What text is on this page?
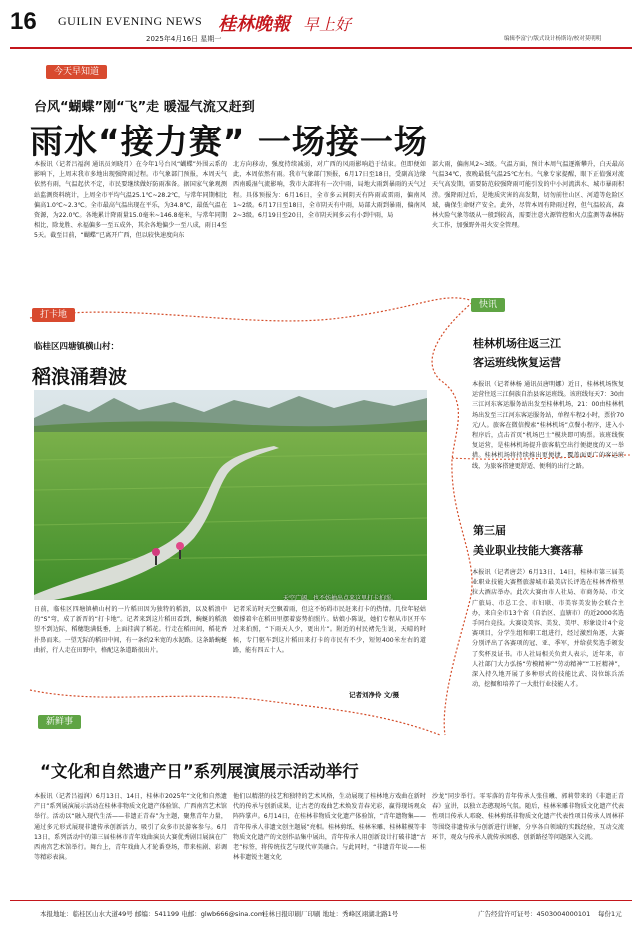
16 GUILIN EVENING NEWS
2025年4月16日 星期一
桂林晚報 早上好
编辑李富宁/版式设计杨斯诗/校对莫明明
今天早知道
台风“蝴蝶”刚“飞”走 暖湿气流又赶到
雨水“接力赛” 一场接一场
本报讯（记者吕福润 通讯员刘晓月）在今年1号台风“蝴蝶”外围云系的影响下，上周末我市多地出现强降雨过程。市气象部门预报，本周天气依然有雨，气温起伏不定，市民要继续做好防雨准备。据国家气象观测站监测资料统计，上周全市平均气温25.1℃~28.2℃，与常年同期相比偏高1.0℃~2.3℃。全市最高气温出现在平乐，为34.8℃，最低气温在资源，为22.0℃。各地累计降雨量15.0毫米~146.8毫米，与常年同期相比，除龙胜、永福偏多一至五成外，其余各地偏少一至八成，雨日4至5天。截至目前，“蝴蝶”已离开广西，但以较快速度向东
北方向移动，强度持续减弱，对广西的风雨影响趋于结束。但即便如此，本周依然有雨。我市气象部门预报，6月17日至18日，受副高边缘西南暖湿气流影响，我市大部将有一次中雨，局地大雨到暴雨的天气过程。具体预报为：6月16日，全市多云间阴天有阵雨或雷雨，偏南风1~2级。6月17日至18日，全市阴天有中雨，局部大雨到暴雨，偏南风2~3级。6月19日至20日，全市阴天间多云有小到中雨，局
部大雨，偏南风2~3级。气温方面，预计本周气温逐渐攀升，白天最高气温34℃，夜晚最低气温25℃左右。气象专家提醒，眼下正值强对流天气高发期，需要防范较强降雨可能引发的中小河流洪水、城市暴雨积涝。强降雨过后，是地质灾害的高发期，切勿前往山区、河道等危险区域，确保生命财产安全。此外，尽管本周有降雨过程，但气温较高，森林火险气象等级从一般到较高，需要注意火源管控和火点监测等森林防火工作，加强野外用火安全管理。
打卡地
临桂区四塘镇横山村：
稻浪涌碧波
天空广阔，也不妨抽出点来这里打卡拍照。
日前，临桂区四塘镇横山村的一片稻田因为独特的稻浪，以及稻浪中的“S”弯，成了新晋的“打卡地”。记者来到这片稻田看到，蜿蜒的稻浪望不到边际，稻穗饱满低垂，上面挂满了稻花。行走在稻田间，稻花香扑鼻而来。一望无际的稻田中间，有一条约2米宽的水泥路。这条路蜿蜒曲折，行人走在田野中，格配这条道路很出片。
记者采访时天空飘着雨，但这不妨碍市民赶来打卡的热情。几位年轻姑娘撑着伞在稻田里摆着姿势拍照片。姑娘小陈说，她们专程从市区开车过来拍照，“下雨天人少，更出片”。附近的村民褚先生说，天晴的时候，专门驱车到这片稻田来打卡的市民有不少，短短400米左右的道路，能有四五十人。
记者刘净伶 文/摄
快讯
桂林机场往返三江
客运班线恢复运营
本报讯（记者林杨 通讯员唐明娜）近日，桂林机场恢复运营往返三江侗族自治县客运班线。该班线每天7：30由三江河东客运服务站出发至桂林机场，21：00由桂林机场出发至三江河东客运服务站，单程车程2小时，票价70元/人。旅客在微信搜索“桂林机场”点餐小程序，进入小程序后，点击首页“机场巴士”模块即可购票。该班线恢复运营，是桂林机场提升旅客航空出行便捷度的又一举措。桂林机场将持续推出更便捷、覆盖面更广的客运班线，为旅客搭建更舒适、便利的出行之路。
第三届
美业职业技能大赛落幕
本报讯（记者唐芸）6月13日、14日，桂林市第三届美业职业技能大赛暨旅游城市最美店长评选在桂林香格里拉大酒店举办。此次大赛由市人社局、市商务局、市文广旅局、市总工会、市妇联、市美容美发协会联合主办，来自全市13个省（自治区、直辖市）的近2000名选手同台竞技。大赛设美容、美发、美甲、形象设计4个竞赛项目，分学生组和职工组进行，经过激烈角逐，大赛分别评出了各赛项的冠、亚、季军，并给获奖选手颁发了奖杯及证书。市人社局相关负责人表示，近年来，市人社部门大力弘扬“劳模精神”“劳动精神”“工匠精神”，深入持久地开展了多种形式的技能比武、岗位练兵活动，挖掘和培养了一大批行业技能人才。
新鲜事
“文化和自然遗产日”系列展演展示活动举行
本报讯（记者吕福润）6月13日、14日，桂林市2025年“文化和自然遗产日”系列展演展示活动在桂林非物质文化遗产体验馆、广西南宫艺术馆举行。活动以“融入现代生活——非遗正青春”为主题，聚焦青年力量，通过多元形式展现非遗传承创新活力，吸引了众多市民游客参与。6月13日，系列活动中的第三届桂林市青年戏曲演员大赛优秀剧目展演在广西南宫艺术馆举行。舞台上，青年戏曲人才轮番登场，带来桂剧、彩调等精彩表演。
他们以精湛的技艺和独特的艺术风格，生动展现了桂林地方戏曲在新时代的传承与创新成果，让古老的戏曲艺术焕发青春光彩，赢得现场观众阵阵掌声。6月14日，在桂林非物质文化遗产体验馆，“青年遗物集——青年传承人非遗文创主题展”亮相。桂林剪纸、桂林米雕、桂林鞋模等非物质文化遗产的文创作品集中展出，青年传承人用创新设计打破非遗“古老”标签，将传统技艺与现代审美融合。与此同时，“非遗青年说——桂林非遗锐主题文化
沙龙”同步举行。零零落的青年传承人张佳曦、郭莉带来的《非遗正青春》宣讲，以独立态憨现场气氛。随后，桂林米雕非物质文化遗产代表性项目传承人邓晓、桂林剪纸非物质文化遗产代表性项目传承人周林祥等围绕非遗传承与创新进行讲解，分享各自领域的实践经验，互动交流环节，观众与传承人就传承困惑、创新路径等问题深入交流。
本报地址：临桂区山水大道49号 邮编：541199 电邮：glwb666@sina.com
桂林日报印刷厂印刷 地址：秀峰区翊湖北路1号	广告经营许可证号：4503004000101 每份1元
